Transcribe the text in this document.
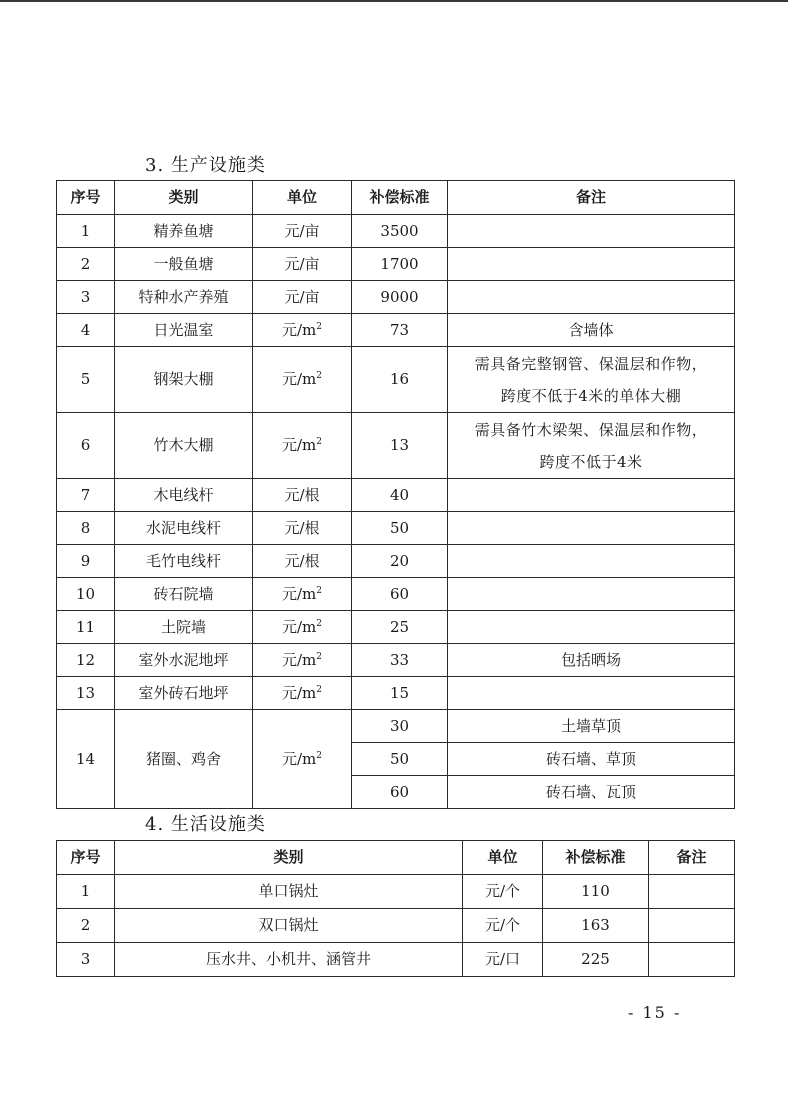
3. 生产设施类
序号	类别	单位	补偿标准	备注
1	精养鱼塘	元/亩	3500	
2	一般鱼塘	元/亩	1700	
3	特种水产养殖	元/亩	9000	
4	日光温室	元$/m^2$	73	含墙体
5	钢架大棚	元$/m^2$	16	需具备完整钢管、保温层和作物，
跨度不低于4米的单体大棚

6	竹木大棚	元$/m^2$	13	需具备竹木梁架、保温层和作物，
跨度不低于4米

7	木电线杆	元/根	40	
8	水泥电线杆	元/根	50	
9	毛竹电线杆	元/根	20	
10	砖石院墙	元$/m^2$	60	
11	土院墙	元$/m^2$	25	
12	室外水泥地坪	元$/m^2$	33	包括晒场
13	室外砖石地坪	元$/m^2$	15	
14	猪圈、鸡舍	元$/m^2$	30	土墙草顶
			50	砖石墙、草顶
			60	砖石墙、瓦顶
4. 生活设施类
序号	类别	单位	补偿标准	备注
1	单口锅灶	元/个	110	
2	双口锅灶	元/个	163	
3	压水井、小机井、涵管井	元/口	225	
- 15 -
